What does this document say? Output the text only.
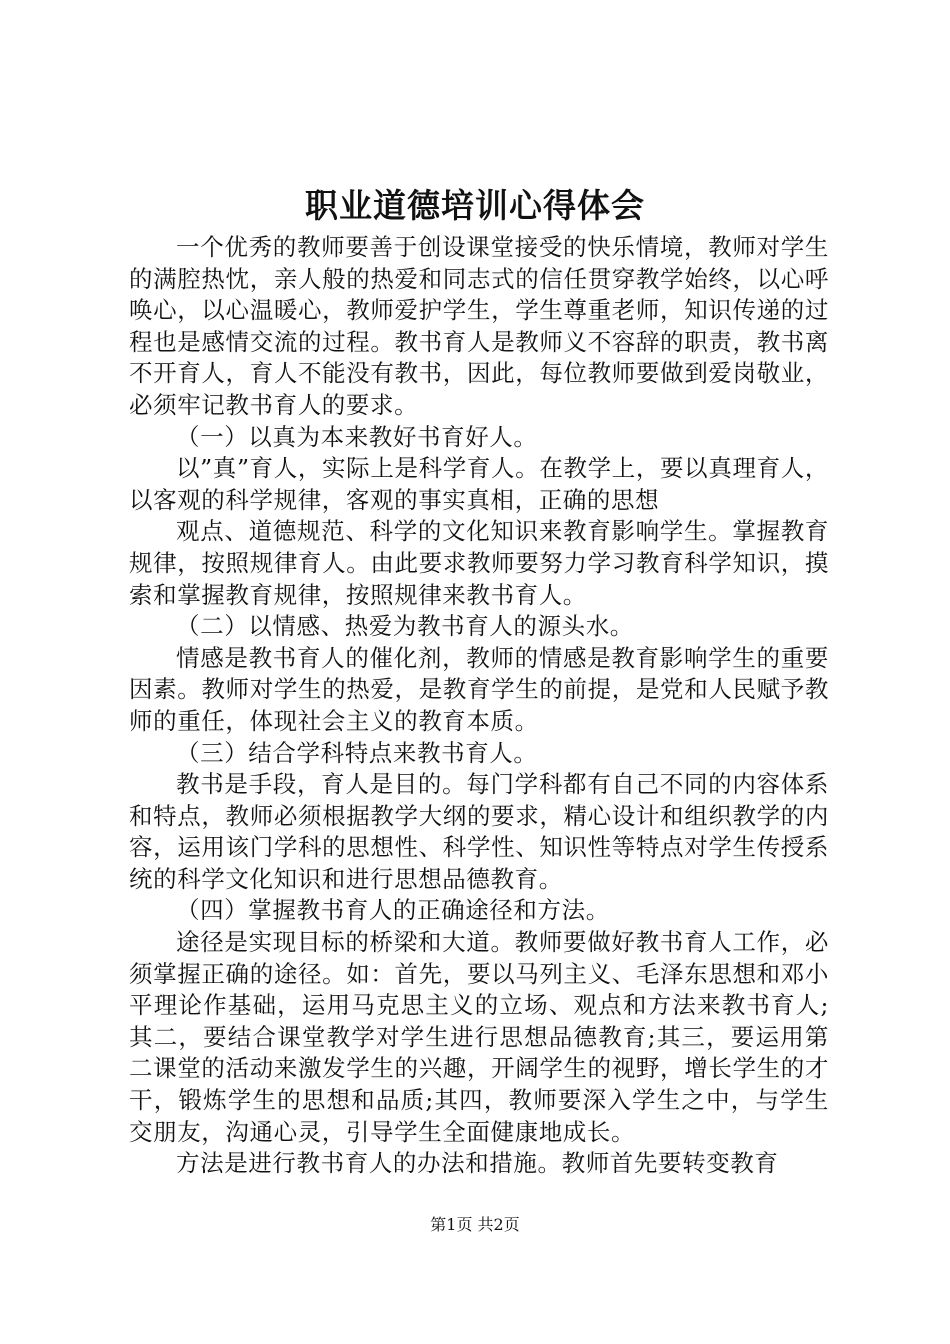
职业道德培训心得体会

一个优秀的教师要善于创设课堂接受的快乐情境，教师对学生的满腔热忱，亲人般的热爱和同志式的信任贯穿教学始终，以心呼唤心，以心温暖心，教师爱护学生，学生尊重老师，知识传递的过程也是感情交流的过程。教书育人是教师义不容辞的职责，教书离不开育人，育人不能没有教书，因此，每位教师要做到爱岗敬业，必须牢记教书育人的要求。

（一）以真为本来教好书育好人。

以”真”育人，实际上是科学育人。在教学上，要以真理育人，以客观的科学规律，客观的事实真相，正确的思想

观点、道德规范、科学的文化知识来教育影响学生。掌握教育规律，按照规律育人。由此要求教师要努力学习教育科学知识，摸索和掌握教育规律，按照规律来教书育人。

（二）以情感、热爱为教书育人的源头水。

情感是教书育人的催化剂，教师的情感是教育影响学生的重要因素。教师对学生的热爱，是教育学生的前提，是党和人民赋予教师的重任，体现社会主义的教育本质。

（三）结合学科特点来教书育人。

教书是手段，育人是目的。每门学科都有自己不同的内容体系和特点，教师必须根据教学大纲的要求，精心设计和组织教学的内容，运用该门学科的思想性、科学性、知识性等特点对学生传授系统的科学文化知识和进行思想品德教育。

（四）掌握教书育人的正确途径和方法。

途径是实现目标的桥梁和大道。教师要做好教书育人工作，必须掌握正确的途径。如：首先，要以马列主义、毛泽东思想和邓小平理论作基础，运用马克思主义的立场、观点和方法来教书育人;其二，要结合课堂教学对学生进行思想品德教育;其三，要运用第二课堂的活动来激发学生的兴趣，开阔学生的视野，增长学生的才干，锻炼学生的思想和品质;其四，教师要深入学生之中，与学生交朋友，沟通心灵，引导学生全面健康地成长。

方法是进行教书育人的办法和措施。教师首先要转变教育

第1页 共2页
